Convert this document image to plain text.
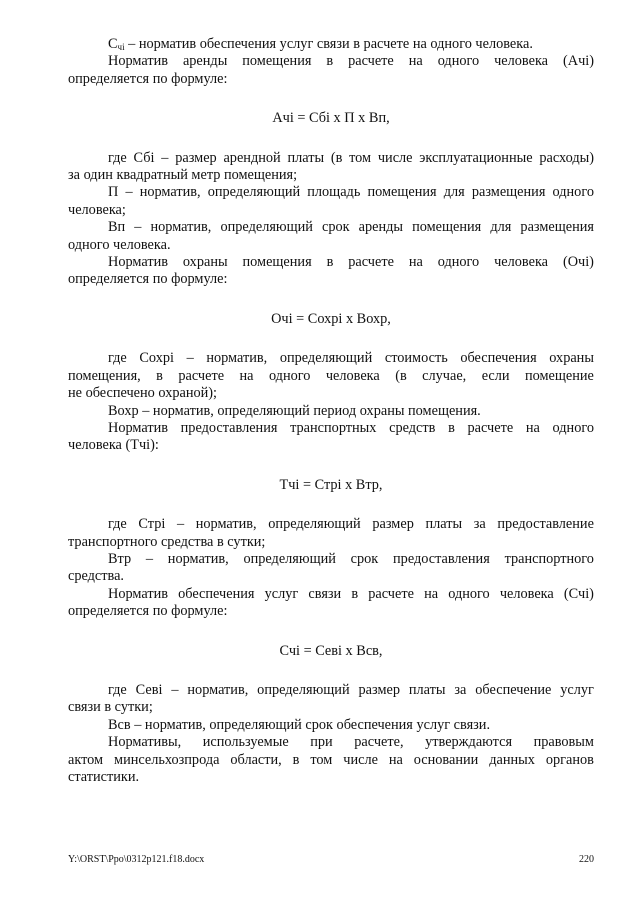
$С_{чi}$ – норматив обеспечения услуг связи в расчете на одного человека.
Норматив аренды помещения в расчете на одного человека (Ачi)
определяется по формуле:
Ачi = Сбi х П х Вп,
где Сбi – размер арендной платы (в том числе эксплуатационные расходы)
за один квадратный метр помещения;
П – норматив, определяющий площадь помещения для размещения одного
человека;
Вп – норматив, определяющий срок аренды помещения для размещения
одного человека.
Норматив охраны помещения в расчете на одного человека (Очi)
определяется по формуле:
Очi = Сохрi х Вохр,
где Сохрi – норматив, определяющий стоимость обеспечения охраны
помещения, в расчете на одного человека (в случае, если помещение
не обеспечено охраной);
Вохр – норматив, определяющий период охраны помещения.
Норматив предоставления транспортных средств в расчете на одного
человека (Тчi):
Тчi = Стрi х Втр,
где Стрi – норматив, определяющий размер платы за предоставление
транспортного средства в сутки;
Втр – норматив, определяющий срок предоставления транспортного
средства.
Норматив обеспечения услуг связи в расчете на одного человека (Счi)
определяется по формуле:
Счi = Севi х Всв,
где Севi – норматив, определяющий размер платы за обеспечение услуг
связи в сутки;
Всв – норматив, определяющий срок обеспечения услуг связи.
Нормативы, используемые при расчете, утверждаются правовым
актом минсельхозпрода области, в том числе на основании данных органов
статистики.
Y:\ORST\Ppo\0312p121.f18.docx	220
